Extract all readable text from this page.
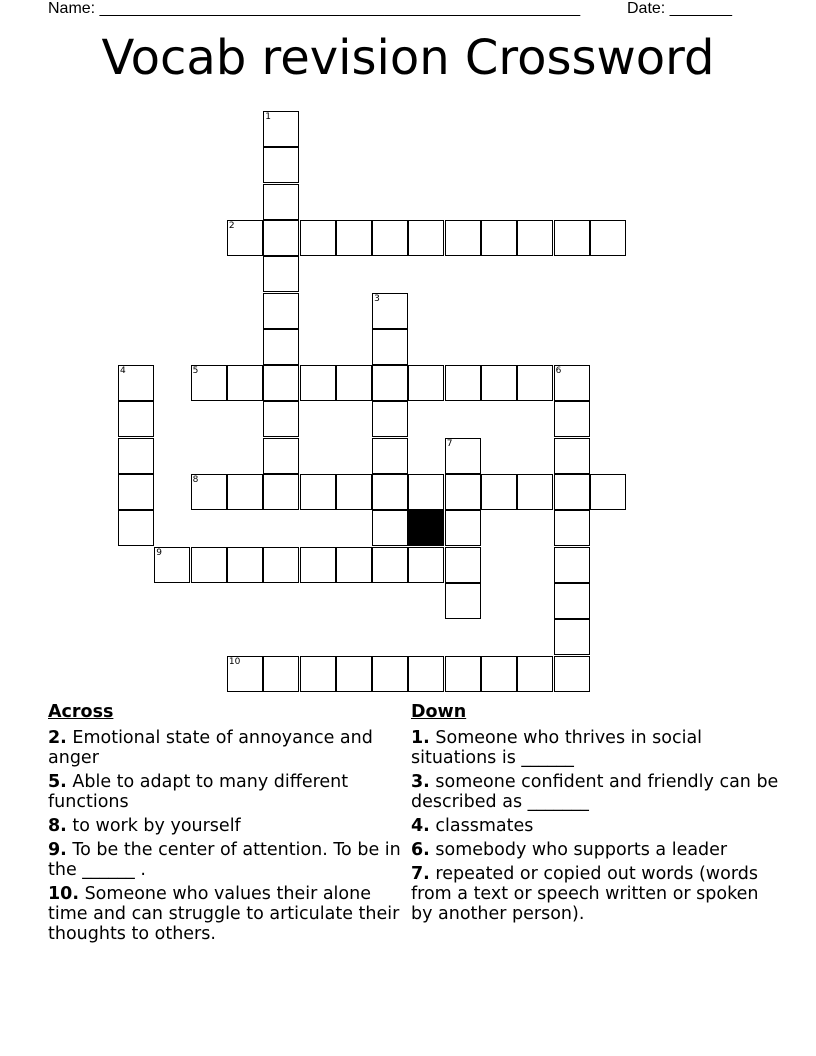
Name: ______________________________________________________	Date: _______
Vocab revision Crossword
1
2
3
4	5	6
7
8
9
10
Across
2. Emotional state of annoyance and anger
5. Able to adapt to many different functions
8. to work by yourself
9. To be the center of attention. To be in the ______ .
10. Someone who values their alone time and can struggle to articulate their thoughts to others.
Down
1. Someone who thrives in social situations is ______
3. someone confident and friendly can be described as _______
4. classmates
6. somebody who supports a leader
7. repeated or copied out words (words from a text or speech written or spoken by another person).
